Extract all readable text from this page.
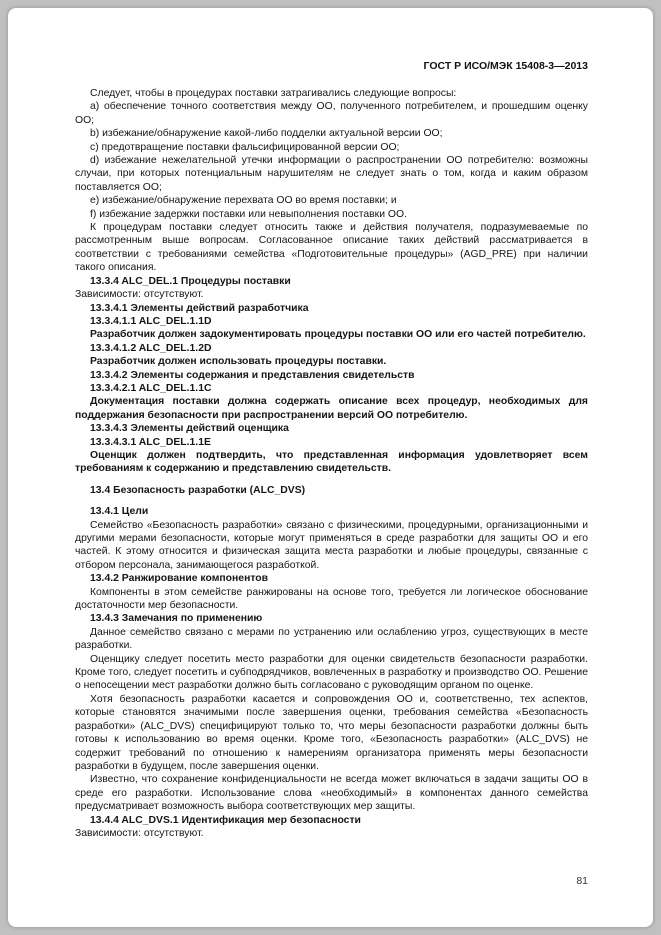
ГОСТ Р ИСО/МЭК 15408-3—2013

Следует, чтобы в процедурах поставки затрагивались следующие вопросы:

a) обеспечение точного соответствия между ОО, полученного потребителем, и прошедшим оценку ОО;

b) избежание/обнаружение какой-либо подделки актуальной версии ОО;

c) предотвращение поставки фальсифицированной версии ОО;

d) избежание нежелательной утечки информации о распространении ОО потребителю: возможны случаи, при которых потенциальным нарушителям не следует знать о том, когда и каким образом поставляется ОО;

e) избежание/обнаружение перехвата ОО во время поставки; и

f) избежание задержки поставки или невыполнения поставки ОО.

К процедурам поставки следует относить также и действия получателя, подразумеваемые по рассмотренным выше вопросам. Согласованное описание таких действий рассматривается в соответствии с требованиями семейства «Подготовительные процедуры» (AGD_PRE) при наличии такого описания.

13.3.4 ALC_DEL.1 Процедуры поставки

Зависимости: отсутствуют.

13.3.4.1 Элементы действий разработчика

13.3.4.1.1 ALC_DEL.1.1D

Разработчик должен задокументировать процедуры поставки ОО или его частей потребителю.

13.3.4.1.2 ALC_DEL.1.2D

Разработчик должен использовать процедуры поставки.

13.3.4.2 Элементы содержания и представления свидетельств

13.3.4.2.1 ALC_DEL.1.1C

Документация поставки должна содержать описание всех процедур, необходимых для поддержания безопасности при распространении версий ОО потребителю.

13.3.4.3 Элементы действий оценщика

13.3.4.3.1 ALC_DEL.1.1E

Оценщик должен подтвердить, что представленная информация удовлетворяет всем требованиям к содержанию и представлению свидетельств.

13.4 Безопасность разработки (ALC_DVS)

13.4.1 Цели

Семейство «Безопасность разработки» связано с физическими, процедурными, организационными и другими мерами безопасности, которые могут применяться в среде разработки для защиты ОО и его частей. К этому относится и физическая защита места разработки и любые процедуры, связанные с отбором персонала, занимающегося разработкой.

13.4.2 Ранжирование компонентов

Компоненты в этом семействе ранжированы на основе того, требуется ли логическое обоснование достаточности мер безопасности.

13.4.3 Замечания по применению

Данное семейство связано с мерами по устранению или ослаблению угроз, существующих в месте разработки.

Оценщику следует посетить место разработки для оценки свидетельств безопасности разработки. Кроме того, следует посетить и субподрядчиков, вовлеченных в разработку и производство ОО. Решение о непосещении мест разработки должно быть согласовано с руководящим органом по оценке.

Хотя безопасность разработки касается и сопровождения ОО и, соответственно, тех аспектов, которые становятся значимыми после завершения оценки, требования семейства «Безопасность разработки» (ALC_DVS) специфицируют только то, что меры безопасности разработки должны быть готовы к использованию во время оценки. Кроме того, «Безопасность разработки» (ALC_DVS) не содержит требований по отношению к намерениям организатора применять меры безопасности разработки в будущем, после завершения оценки.

Известно, что сохранение конфиденциальности не всегда может включаться в задачи защиты ОО в среде его разработки. Использование слова «необходимый» в компонентах данного семейства предусматривает возможность выбора соответствующих мер защиты.

13.4.4 ALC_DVS.1 Идентификация мер безопасности

Зависимости: отсутствуют.

81
